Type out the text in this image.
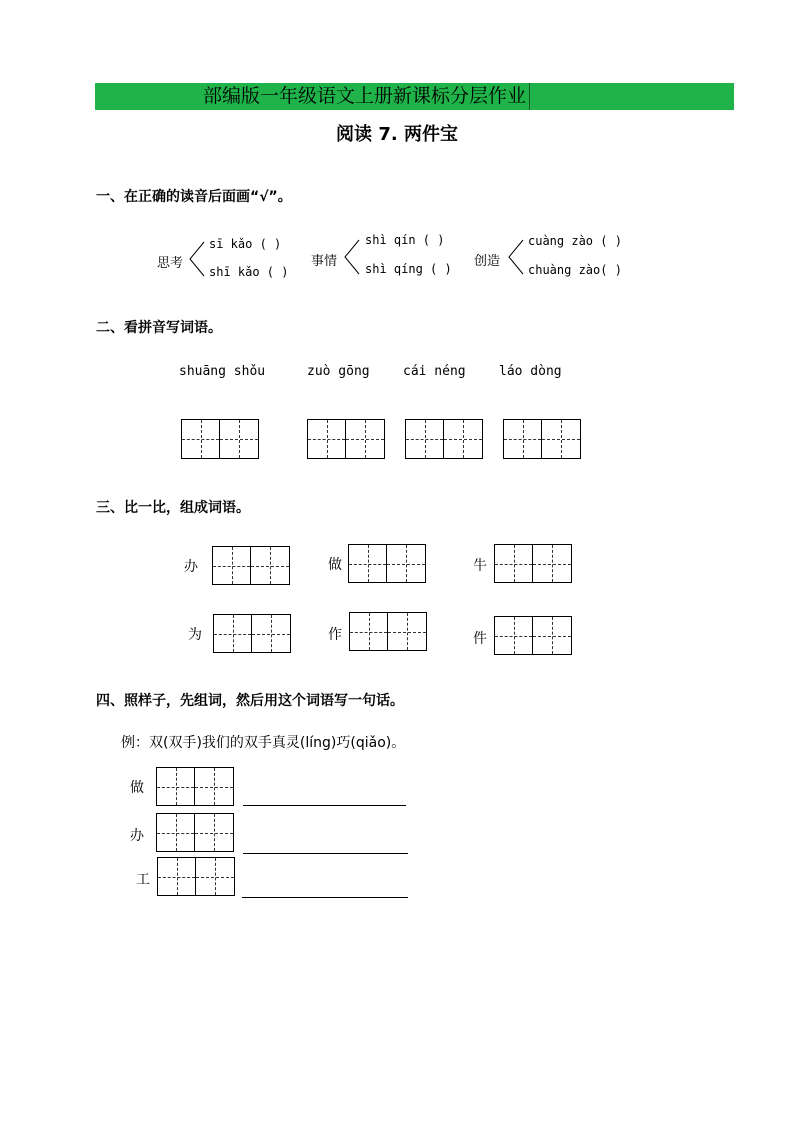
部编版一年级语文上册新课标分层作业
阅读 7. 两件宝
一、在正确的读音后面画“√”。
思考
sī kǎo ( )
shī kǎo ( )
事情
shì qín ( )
shì qíng ( ) 创造
cuàng zào ( )
chuàng zào( )
二、看拼音写词语。
shuāng shǒu	zuò gōng	cái néng	láo dòng
三、比一比，组成词语。
办	做	牛
为	作	件
四、照样子，先组词，然后用这个词语写一句话。
例：双(双手)我们的双手真灵(líng)巧(qiǎo)。
做
办
工
